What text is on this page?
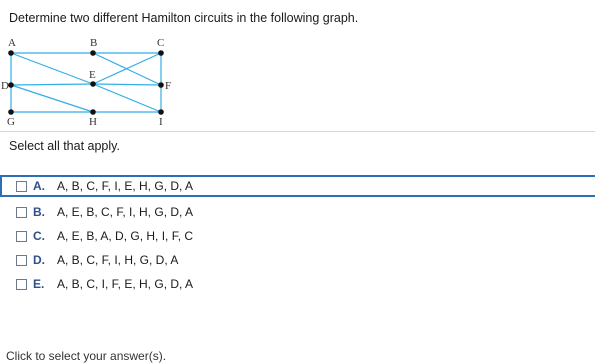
Determine two different Hamilton circuits in the following graph.

A	B	C
D
E
F
G	H	I
Select all that apply.
A.	A, B, C, F, I, E, H, G, D, A
B.	A, E, B, C, F, I, H, G, D, A
C.	A, E, B, A, D, G, H, I, F, C
D.	A, B, C, F, I, H, G, D, A
E.	A, B, C, I, F, E, H, G, D, A
Click to select your answer(s).
